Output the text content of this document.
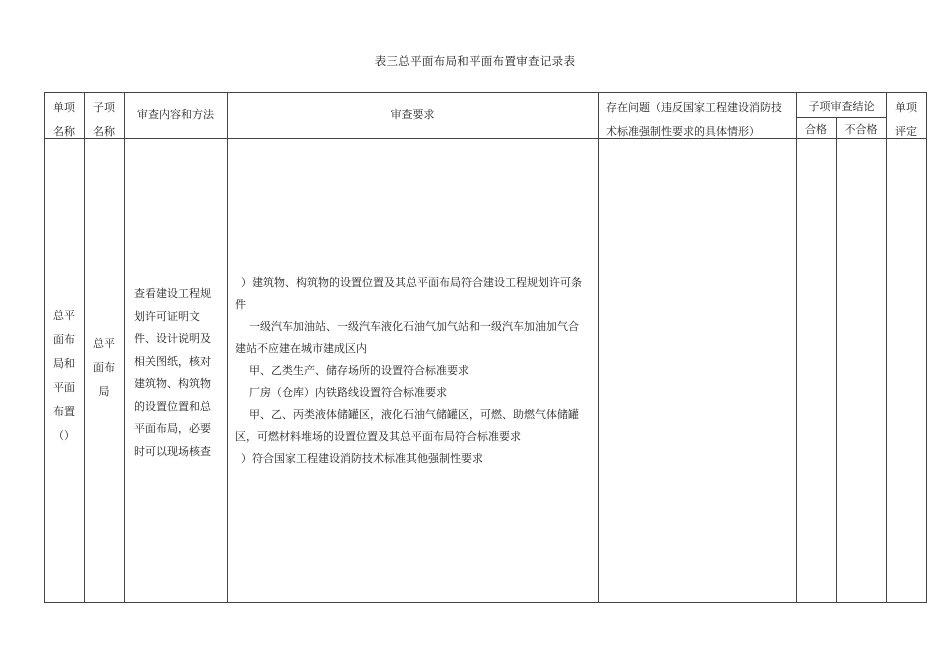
表三总平面布局和平面布置审查记录表
单项
名称
子项
名称
审查内容和方法	审查要求
存在问题（违反国家工程建设消防技
术标准强制性要求的具体情形）
子项审查结论
合格	不合格
单项
评定
总平
面布
局和
平面
布置
（）
总平
面布
局
查看建设工程规
划许可证明文
件、设计说明及
相关图纸，核对
建筑物、构筑物
的设置位置和总
平面布局，必要
时可以现场核查
）建筑物、构筑物的设置位置及其总平面布局符合建设工程规划许可条
件
一级汽车加油站、一级汽车液化石油气加气站和一级汽车加油加气合
建站不应建在城市建成区内
甲、乙类生产、储存场所的设置符合标准要求
厂房（仓库）内铁路线设置符合标准要求
甲、乙、丙类液体储罐区，液化石油气储罐区，可燃、助燃气体储罐
区，可燃材料堆场的设置位置及其总平面布局符合标准要求
）符合国家工程建设消防技术标准其他强制性要求
